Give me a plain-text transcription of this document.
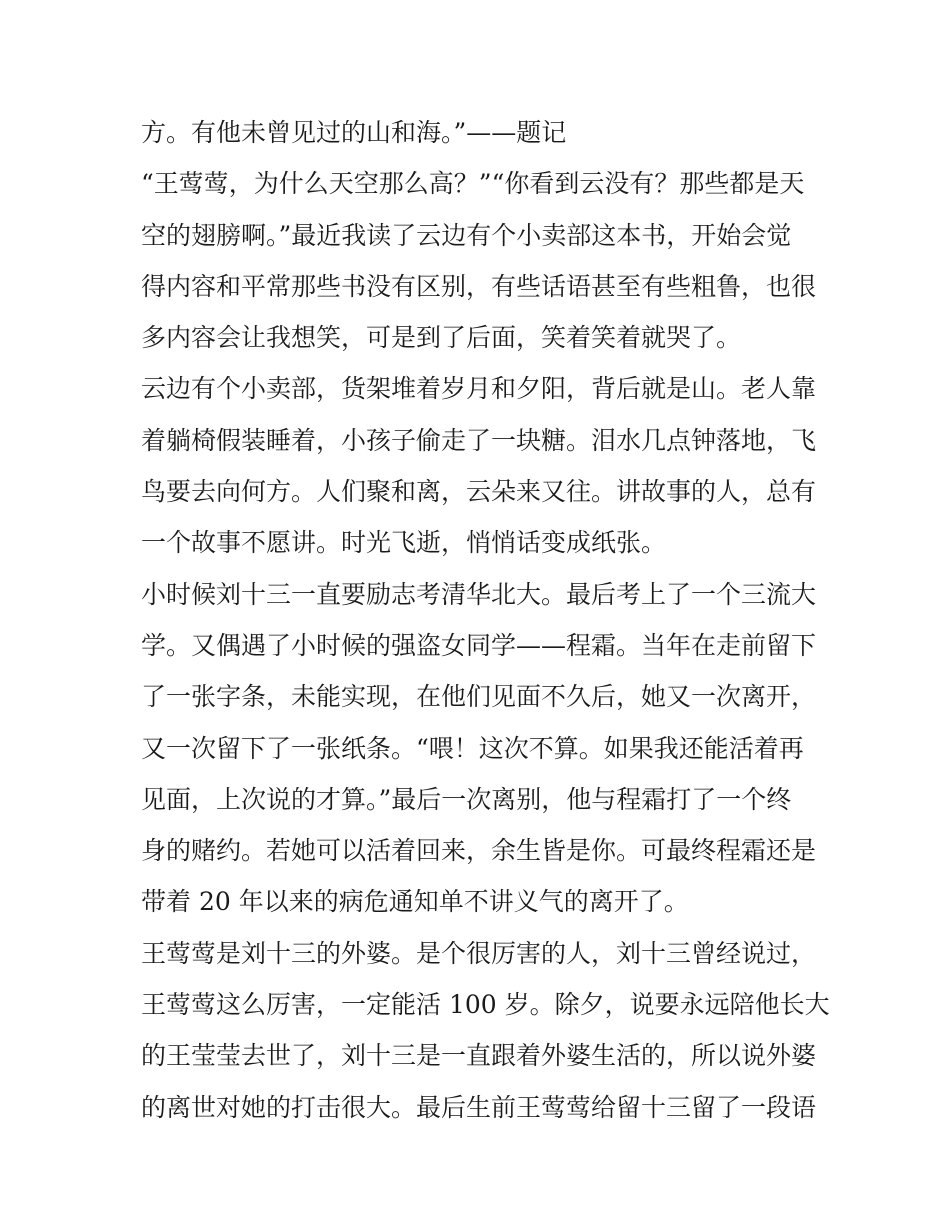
方。有他未曾见过的山和海。”——题记
“王莺莺，为什么天空那么高？”“你看到云没有？那些都是天
空的翅膀啊。”最近我读了云边有个小卖部这本书，开始会觉
得内容和平常那些书没有区别，有些话语甚至有些粗鲁，也很
多内容会让我想笑，可是到了后面，笑着笑着就哭了。
云边有个小卖部，货架堆着岁月和夕阳，背后就是山。老人靠
着躺椅假装睡着，小孩子偷走了一块糖。泪水几点钟落地，飞
鸟要去向何方。人们聚和离，云朵来又往。讲故事的人，总有
一个故事不愿讲。时光飞逝，悄悄话变成纸张。
小时候刘十三一直要励志考清华北大。最后考上了一个三流大
学。又偶遇了小时候的强盗女同学——程霜。当年在走前留下
了一张字条，未能实现，在他们见面不久后，她又一次离开，
又一次留下了一张纸条。“喂！这次不算。如果我还能活着再
见面，上次说的才算。”最后一次离别，他与程霜打了一个终
身的赌约。若她可以活着回来，余生皆是你。可最终程霜还是
带着 20 年以来的病危通知单不讲义气的离开了。
王莺莺是刘十三的外婆。是个很厉害的人，刘十三曾经说过，
王莺莺这么厉害，一定能活 100 岁。除夕，说要永远陪他长大
的王莹莹去世了，刘十三是一直跟着外婆生活的，所以说外婆
的离世对她的打击很大。最后生前王莺莺给留十三留了一段语
